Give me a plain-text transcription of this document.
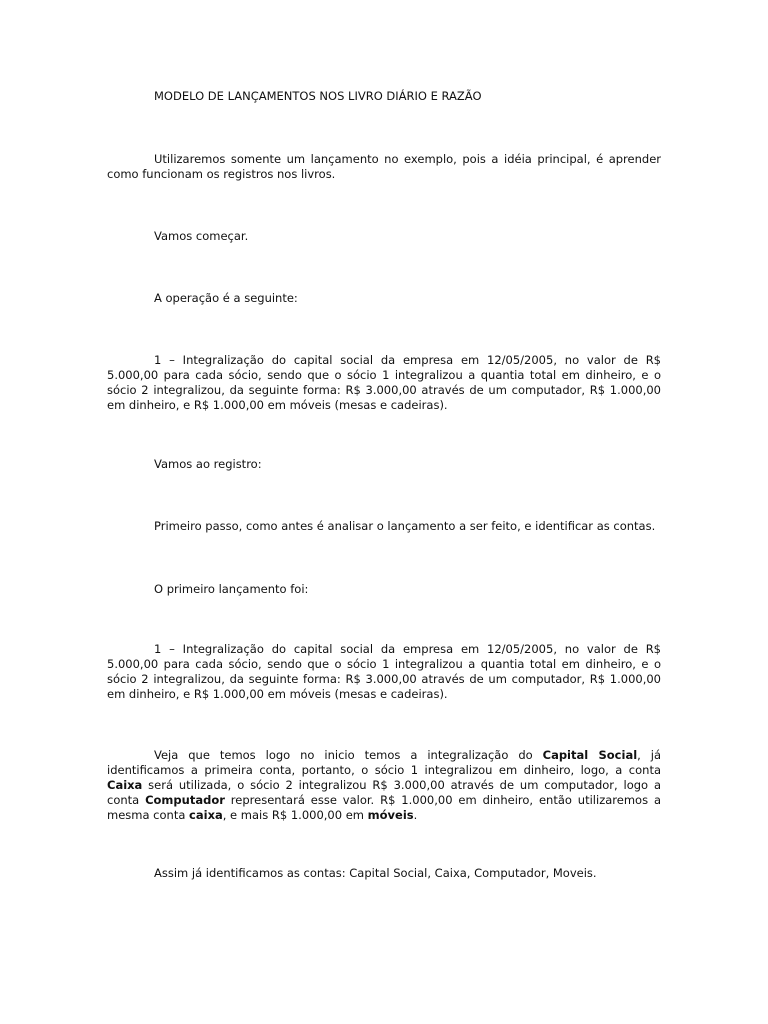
MODELO DE LANÇAMENTOS NOS LIVRO DIÁRIO E RAZÃO

Utilizaremos somente um lançamento no exemplo, pois a idéia principal, é aprender como funcionam os registros nos livros.

Vamos começar.

A operação é a seguinte:

1 – Integralização do capital social da empresa em 12/05/2005, no valor de R$ 5.000,00 para cada sócio, sendo que o sócio 1 integralizou a quantia total em dinheiro, e o sócio 2 integralizou, da seguinte forma: R$ 3.000,00 através de um computador, R$ 1.000,00 em dinheiro, e R$ 1.000,00 em móveis (mesas e cadeiras).

Vamos ao registro:

Primeiro passo, como antes é analisar o lançamento a ser feito, e identificar as contas.

O primeiro lançamento foi:

1 – Integralização do capital social da empresa em 12/05/2005, no valor de R$ 5.000,00 para cada sócio, sendo que o sócio 1 integralizou a quantia total em dinheiro, e o sócio 2 integralizou, da seguinte forma: R$ 3.000,00 através de um computador, R$ 1.000,00 em dinheiro, e R$ 1.000,00 em móveis (mesas e cadeiras).

Veja que temos logo no inicio temos a integralização do Capital Social, já identificamos a primeira conta, portanto, o sócio 1 integralizou em dinheiro, logo, a conta Caixa será utilizada, o sócio 2 integralizou R$ 3.000,00 através de um computador, logo a conta Computador representará esse valor. R$ 1.000,00 em dinheiro, então utilizaremos a mesma conta caixa, e mais R$ 1.000,00 em móveis.

Assim já identificamos as contas: Capital Social, Caixa, Computador, Moveis.
